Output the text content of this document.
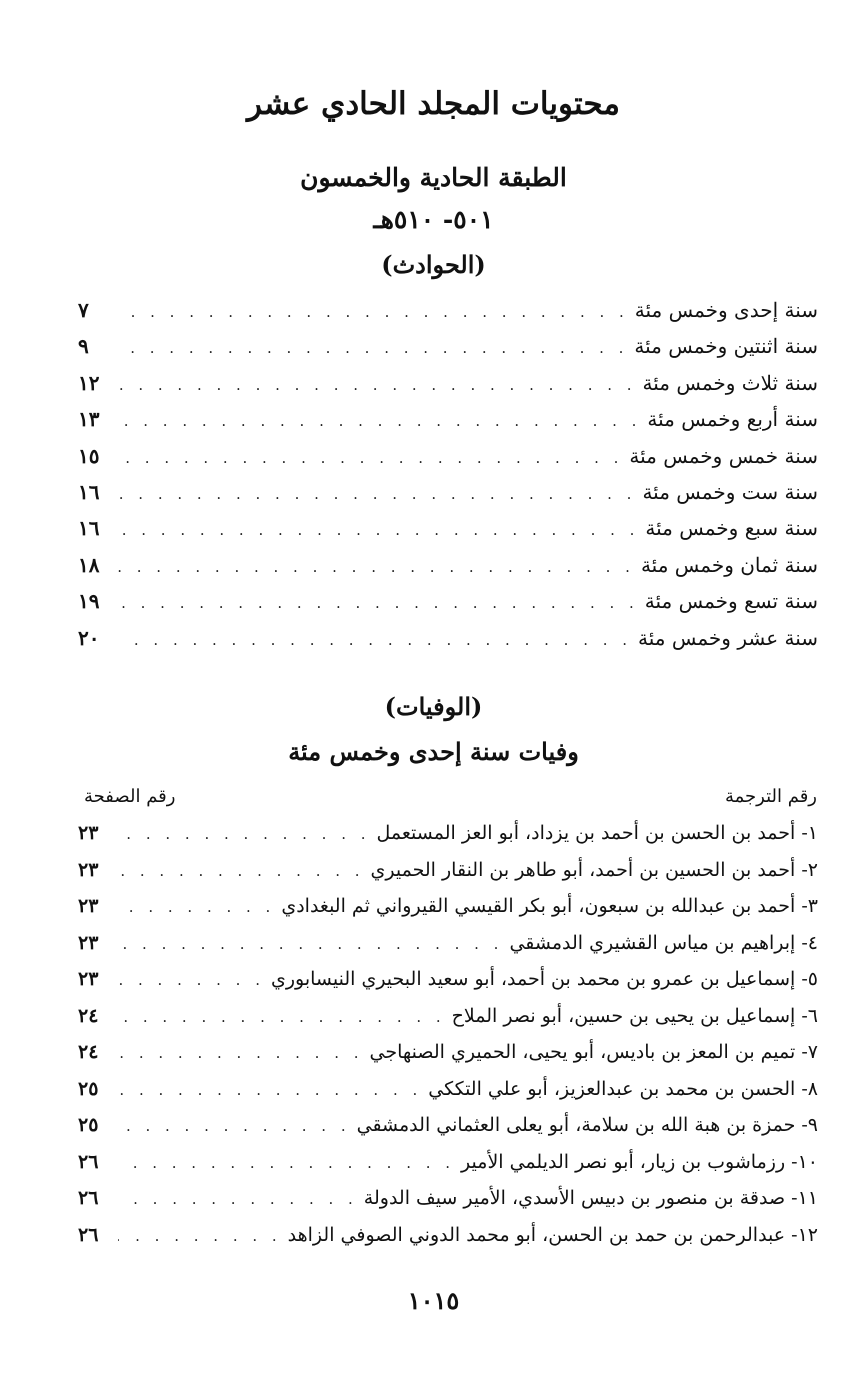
محتويات المجلد الحادي عشر
الطبقة الحادية والخمسون
٥٠١- ٥١٠هـ
(الحوادث)
سنة إحدى وخمس مئة
. . .
٧
سنة اثنتين وخمس مئة
. . .
٩
سنة ثلاث وخمس مئة
. . .
١٢
سنة أربع وخمس مئة
. . .
١٣
سنة خمس وخمس مئة
. . .
١٥
سنة ست وخمس مئة
. . .
١٦
سنة سبع وخمس مئة
. . .
١٦
سنة ثمان وخمس مئة
. . .
١٨
سنة تسع وخمس مئة
. . .
١٩
سنة عشر وخمس مئة
. . .
٢٠
(الوفيات)
وفيات سنة إحدى وخمس مئة
رقم الترجمة
رقم الصفحة
١- أحمد بن الحسن بن أحمد بن يزداد، أبو العز المستعمل
. . .
٢٣
٢- أحمد بن الحسين بن أحمد، أبو طاهر بن النقار الحميري
. . .
٢٣
٣- أحمد بن عبدالله بن سبعون، أبو بكر القيسي القيرواني ثم البغدادي
. . .
٢٣
٤- إبراهيم بن مياس القشيري الدمشقي
. . .
٢٣
٥- إسماعيل بن عمرو بن محمد بن أحمد، أبو سعيد البحيري النيسابوري
. . .
٢٣
٦- إسماعيل بن يحيى بن حسين، أبو نصر الملاح
. . .
٢٤
٧- تميم بن المعز بن باديس، أبو يحيى، الحميري الصنهاجي
. . .
٢٤
٨- الحسن بن محمد بن عبدالعزيز، أبو علي التككي
. . .
٢٥
٩- حمزة بن هبة الله بن سلامة، أبو يعلى العثماني الدمشقي
. . .
٢٥
١٠- رزماشوب بن زيار، أبو نصر الديلمي الأمير
. . .
٢٦
١١- صدقة بن منصور بن دبيس الأسدي، الأمير سيف الدولة
. . .
٢٦
١٢- عبدالرحمن بن حمد بن الحسن، أبو محمد الدوني الصوفي الزاهد
. . .
٢٦
١٠١٥
